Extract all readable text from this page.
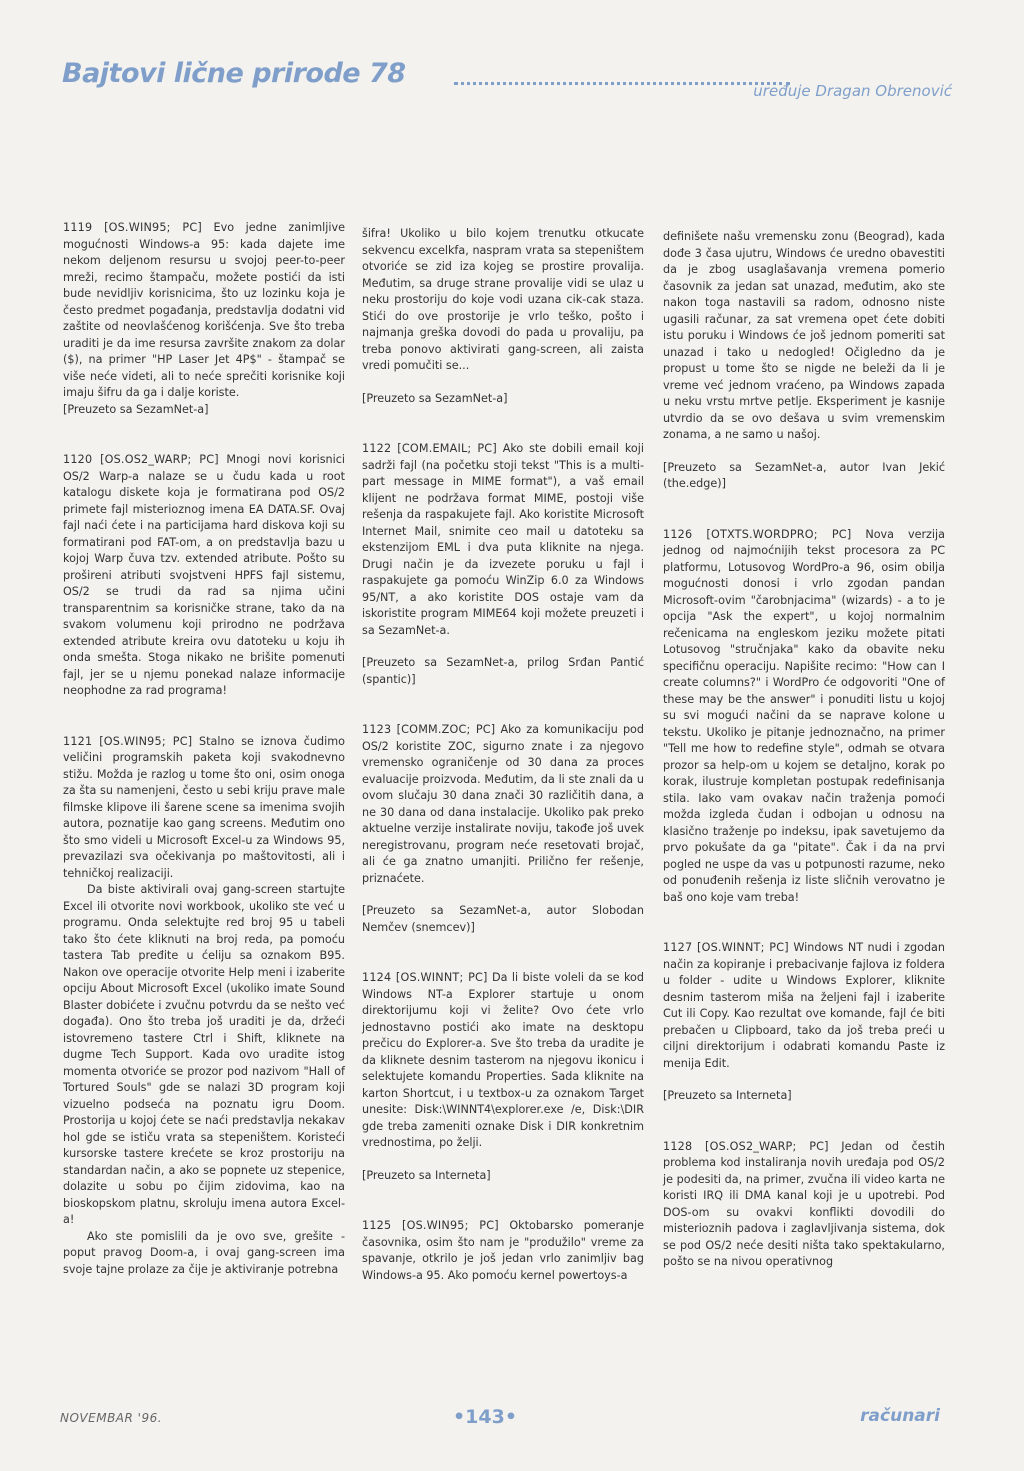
Bajtovi lične prirode 78
uređuje Dragan Obrenović

1119 [OS.WIN95; PC] Evo jedne zanimljive mogućnosti Windows-a 95: kada dajete ime nekom deljenom resursu u svojoj peer-to-peer mreži, recimo štampaču, možete postići da isti bude nevidljiv korisnicima, što uz lozinku koja je često predmet pogađanja, predstavlja dodatni vid zaštite od neovlašćenog korišćenja. Sve što treba uraditi je da ime resursa završite znakom za dolar ($), na primer "HP Laser Jet 4P$" - štampač se više neće videti, ali to neće sprečiti korisnike koji imaju šifru da ga i dalje koriste.

[Preuzeto sa SezamNet-a]

1120 [OS.OS2_WARP; PC] Mnogi novi korisnici OS/2 Warp-a nalaze se u čudu kada u root katalogu diskete koja je formatirana pod OS/2 primete fajl misterioznog imena EA DATA.SF. Ovaj fajl naći ćete i na particijama hard diskova koji su formatirani pod FAT-om, a on predstavlja bazu u kojoj Warp čuva tzv. extended atribute. Pošto su prošireni atributi svojstveni HPFS fajl sistemu, OS/2 se trudi da rad sa njima učini transparentnim sa korisničke strane, tako da na svakom volumenu koji prirodno ne podržava extended atribute kreira ovu datoteku u koju ih onda smešta. Stoga nikako ne brišite pomenuti fajl, jer se u njemu ponekad nalaze informacije neophodne za rad programa!

1121 [OS.WIN95; PC] Stalno se iznova čudimo veličini programskih paketa koji svakodnevno stižu. Možda je razlog u tome što oni, osim onoga za šta su namenjeni, često u sebi kriju prave male filmske klipove ili šarene scene sa imenima svojih autora, poznatije kao gang screens. Međutim ono što smo videli u Microsoft Excel-u za Windows 95, prevazilazi sva očekivanja po maštovitosti, ali i tehničkoj realizaciji.

Da biste aktivirali ovaj gang-screen startujte Excel ili otvorite novi workbook, ukoliko ste već u programu. Onda selektujte red broj 95 u tabeli tako što ćete kliknuti na broj reda, pa pomoću tastera Tab pređite u ćeliju sa oznakom B95. Nakon ove operacije otvorite Help meni i izaberite opciju About Microsoft Excel (ukoliko imate Sound Blaster dobićete i zvučnu potvrdu da se nešto već događa). Ono što treba još uraditi je da, držeći istovremeno tastere Ctrl i Shift, kliknete na dugme Tech Support. Kada ovo uradite istog momenta otvoriće se prozor pod nazivom "Hall of Tortured Souls" gde se nalazi 3D program koji vizuelno podseća na poznatu igru Doom. Prostorija u kojoj ćete se naći predstavlja nekakav hol gde se ističu vrata sa stepeništem. Koristeći kursorske tastere krećete se kroz prostoriju na standardan način, a ako se popnete uz stepenice, dolazite u sobu po čijim zidovima, kao na bioskopskom platnu, skroluju imena autora Excel-a!

Ako ste pomislili da je ovo sve, grešite - poput pravog Doom-a, i ovaj gang-screen ima svoje tajne prolaze za čije je aktiviranje potrebna

šifra! Ukoliko u bilo kojem trenutku otkucate sekvencu excelkfa, naspram vrata sa stepeništem otvoriće se zid iza kojeg se prostire provalija. Međutim, sa druge strane provalije vidi se ulaz u neku prostoriju do koje vodi uzana cik-cak staza. Stići do ove prostorije je vrlo teško, pošto i najmanja greška dovodi do pada u provaliju, pa treba ponovo aktivirati gang-screen, ali zaista vredi pomučiti se...

[Preuzeto sa SezamNet-a]

1122 [COM.EMAIL; PC] Ako ste dobili email koji sadrži fajl (na početku stoji tekst "This is a multi-part message in MIME format"), a vaš email klijent ne podržava format MIME, postoji više rešenja da raspakujete fajl. Ako koristite Microsoft Internet Mail, snimite ceo mail u datoteku sa ekstenzijom EML i dva puta kliknite na njega. Drugi način je da izvezete poruku u fajl i raspakujete ga pomoću WinZip 6.0 za Windows 95/NT, a ako koristite DOS ostaje vam da iskoristite program MIME64 koji možete preuzeti i sa SezamNet-a.

[Preuzeto sa SezamNet-a, prilog Srđan Pantić (spantic)]

1123 [COMM.ZOC; PC] Ako za komunikaciju pod OS/2 koristite ZOC, sigurno znate i za njegovo vremensko ograničenje od 30 dana za proces evaluacije proizvoda. Međutim, da li ste znali da u ovom slučaju 30 dana znači 30 različitih dana, a ne 30 dana od dana instalacije. Ukoliko pak preko aktuelne verzije instalirate noviju, takođe još uvek neregistrovanu, program neće resetovati brojač, ali će ga znatno umanjiti. Prilično fer rešenje, priznaćete.

[Preuzeto sa SezamNet-a, autor Slobodan Nemčev (snemcev)]

1124 [OS.WINNT; PC] Da li biste voleli da se kod Windows NT-a Explorer startuje u onom direktorijumu koji vi želite? Ovo ćete vrlo jednostavno postići ako imate na desktopu prečicu do Explorer-a. Sve što treba da uradite je da kliknete desnim tasterom na njegovu ikonicu i selektujete komandu Properties. Sada kliknite na karton Shortcut, i u textbox-u za oznakom Target unesite: Disk:\WINNT4\explorer.exe /e, Disk:\DIR gde treba zameniti oznake Disk i DIR konkretnim vrednostima, po želji.

[Preuzeto sa Interneta]

1125 [OS.WIN95; PC] Oktobarsko pomeranje časovnika, osim što nam je "produžilo" vreme za spavanje, otkrilo je još jedan vrlo zanimljiv bag Windows-a 95. Ako pomoću kernel powertoys-a

definišete našu vremensku zonu (Beograd), kada dođe 3 časa ujutru, Windows će uredno obavestiti da je zbog usaglašavanja vremena pomerio časovnik za jedan sat unazad, međutim, ako ste nakon toga nastavili sa radom, odnosno niste ugasili računar, za sat vremena opet ćete dobiti istu poruku i Windows će još jednom pomeriti sat unazad i tako u nedogled! Očigledno da je propust u tome što se nigde ne beleži da li je vreme već jednom vraćeno, pa Windows zapada u neku vrstu mrtve petlje. Eksperiment je kasnije utvrdio da se ovo dešava u svim vremenskim zonama, a ne samo u našoj.

[Preuzeto sa SezamNet-a, autor Ivan Jekić (the.edge)]

1126 [OTXTS.WORDPRO; PC] Nova verzija jednog od najmoćnijih tekst procesora za PC platformu, Lotusovog WordPro-a 96, osim obilja mogućnosti donosi i vrlo zgodan pandan Microsoft-ovim "čarobnjacima" (wizards) - a to je opcija "Ask the expert", u kojoj normalnim rečenicama na engleskom jeziku možete pitati Lotusovog "stručnjaka" kako da obavite neku specifičnu operaciju. Napišite recimo: "How can I create columns?" i WordPro će odgovoriti "One of these may be the answer" i ponuditi listu u kojoj su svi mogući načini da se naprave kolone u tekstu. Ukoliko je pitanje jednoznačno, na primer "Tell me how to redefine style", odmah se otvara prozor sa help-om u kojem se detaljno, korak po korak, ilustruje kompletan postupak redefinisanja stila. Iako vam ovakav način traženja pomoći možda izgleda čudan i odbojan u odnosu na klasično traženje po indeksu, ipak savetujemo da prvo pokušate da ga "pitate". Čak i da na prvi pogled ne uspe da vas u potpunosti razume, neko od ponuđenih rešenja iz liste sličnih verovatno je baš ono koje vam treba!

1127 [OS.WINNT; PC] Windows NT nudi i zgodan način za kopiranje i prebacivanje fajlova iz foldera u folder - udite u Windows Explorer, kliknite desnim tasterom miša na željeni fajl i izaberite Cut ili Copy. Kao rezultat ove komande, fajl će biti prebačen u Clipboard, tako da još treba preći u ciljni direktorijum i odabrati komandu Paste iz menija Edit.

[Preuzeto sa Interneta]

1128 [OS.OS2_WARP; PC] Jedan od čestih problema kod instaliranja novih uređaja pod OS/2 je podesiti da, na primer, zvučna ili video karta ne koristi IRQ ili DMA kanal koji je u upotrebi. Pod DOS-om su ovakvi konflikti dovodili do misterioznih padova i zaglavljivanja sistema, dok se pod OS/2 neće desiti ništa tako spektakularno, pošto se na nivou operativnog

NOVEMBAR '96.	•143•	računari
